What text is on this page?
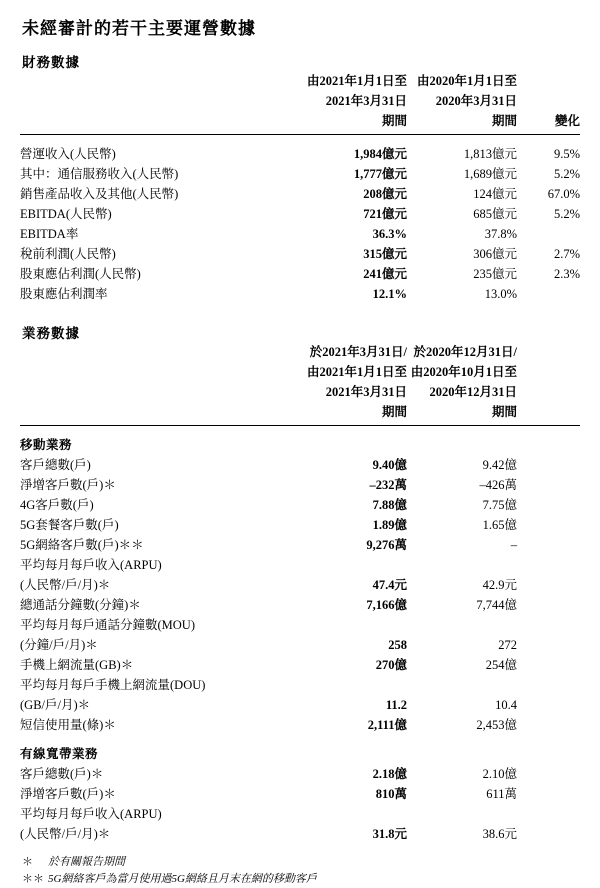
未經審計的若干主要運營數據
財務數據
	由2021年1月1日至	由2020年1月1日至	
	2021年3月31日	2020年3月31日	
	期間	期間	變化

營運收入(人民幣)	1,984億元	1,813億元	9.5%
其中：通信服務收入(人民幣)	1,777億元	1,689億元	5.2%
銷售產品收入及其他(人民幣)	208億元	124億元	67.0%
EBITDA(人民幣)	721億元	685億元	5.2%
EBITDA率	36.3%	37.8%	
稅前利潤(人民幣)	315億元	306億元	2.7%
股東應佔利潤(人民幣)	241億元	235億元	2.3%
股東應佔利潤率	12.1%	13.0%	
業務數據
	於2021年3月31日/	於2020年12月31日/	
	由2021年1月1日至	由2020年10月1日至	
	2021年3月31日	2020年12月31日	
	期間	期間	

移動業務			
客戶總數(戶)	9.40億	9.42億	
淨增客戶數(戶)＊	–232萬	–426萬	
4G客戶數(戶)	7.88億	7.75億	
5G套餐客戶數(戶)	1.89億	1.65億	
5G網絡客戶數(戶)＊＊	9,276萬	–	
平均每月每戶收入(ARPU)			
(人民幣/戶/月)＊	47.4元	42.9元	
總通話分鐘數(分鐘)＊	7,166億	7,744億	
平均每月每戶通話分鐘數(MOU)			
(分鐘/戶/月)＊	258	272	
手機上網流量(GB)＊	270億	254億	
平均每月每戶手機上網流量(DOU)			
(GB/戶/月)＊	11.2	10.4	
短信使用量(條)＊	2,111億	2,453億	

有線寬帶業務			
客戶總數(戶)＊	2.18億	2.10億	
淨增客戶數(戶)＊	810萬	611萬	
平均每月每戶收入(ARPU)			
(人民幣/戶/月)＊	31.8元	38.6元	
＊	於有關報告期間
＊＊ 5G網絡客戶為當月使用過5G網絡且月末在網的移動客戶
